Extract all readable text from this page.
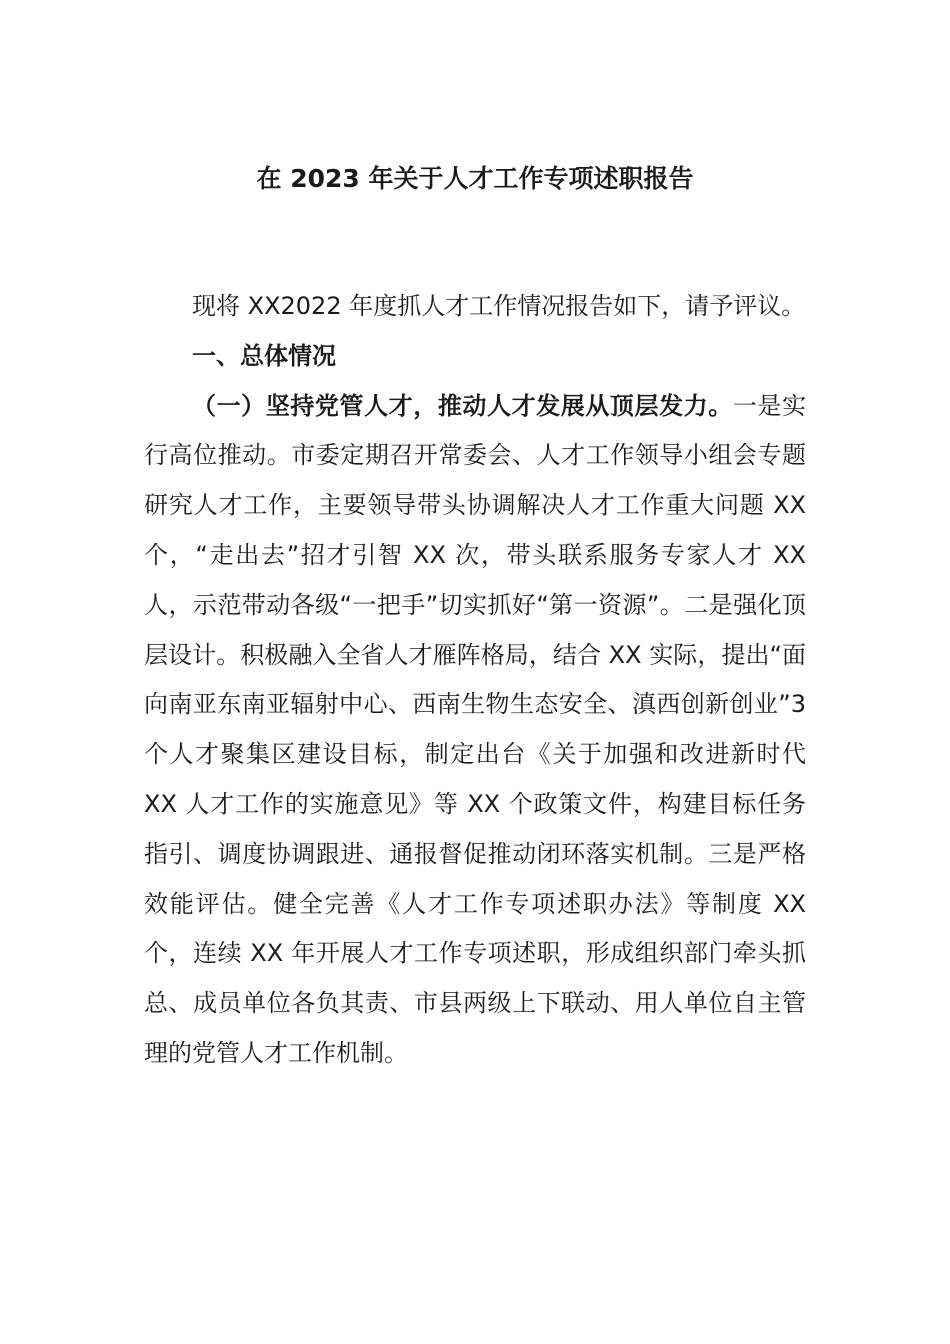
在 2023 年关于人才工作专项述职报告

现将 XX2022 年度抓人才工作情况报告如下，请予评议。

一、总体情况

（一）坚持党管人才，推动人才发展从顶层发力。一是实行高位推动。市委定期召开常委会、人才工作领导小组会专题研究人才工作，主要领导带头协调解决人才工作重大问题 XX 个，“走出去”招才引智 XX 次，带头联系服务专家人才 XX 人，示范带动各级“一把手”切实抓好“第一资源”。二是强化顶层设计。积极融入全省人才雁阵格局，结合 XX 实际，提出“面向南亚东南亚辐射中心、西南生物生态安全、滇西创新创业”3 个人才聚集区建设目标，制定出台《关于加强和改进新时代 XX 人才工作的实施意见》等 XX 个政策文件，构建目标任务指引、调度协调跟进、通报督促推动闭环落实机制。三是严格效能评估。健全完善《人才工作专项述职办法》等制度 XX 个，连续 XX 年开展人才工作专项述职，形成组织部门牵头抓总、成员单位各负其责、市县两级上下联动、用人单位自主管理的党管人才工作机制。
